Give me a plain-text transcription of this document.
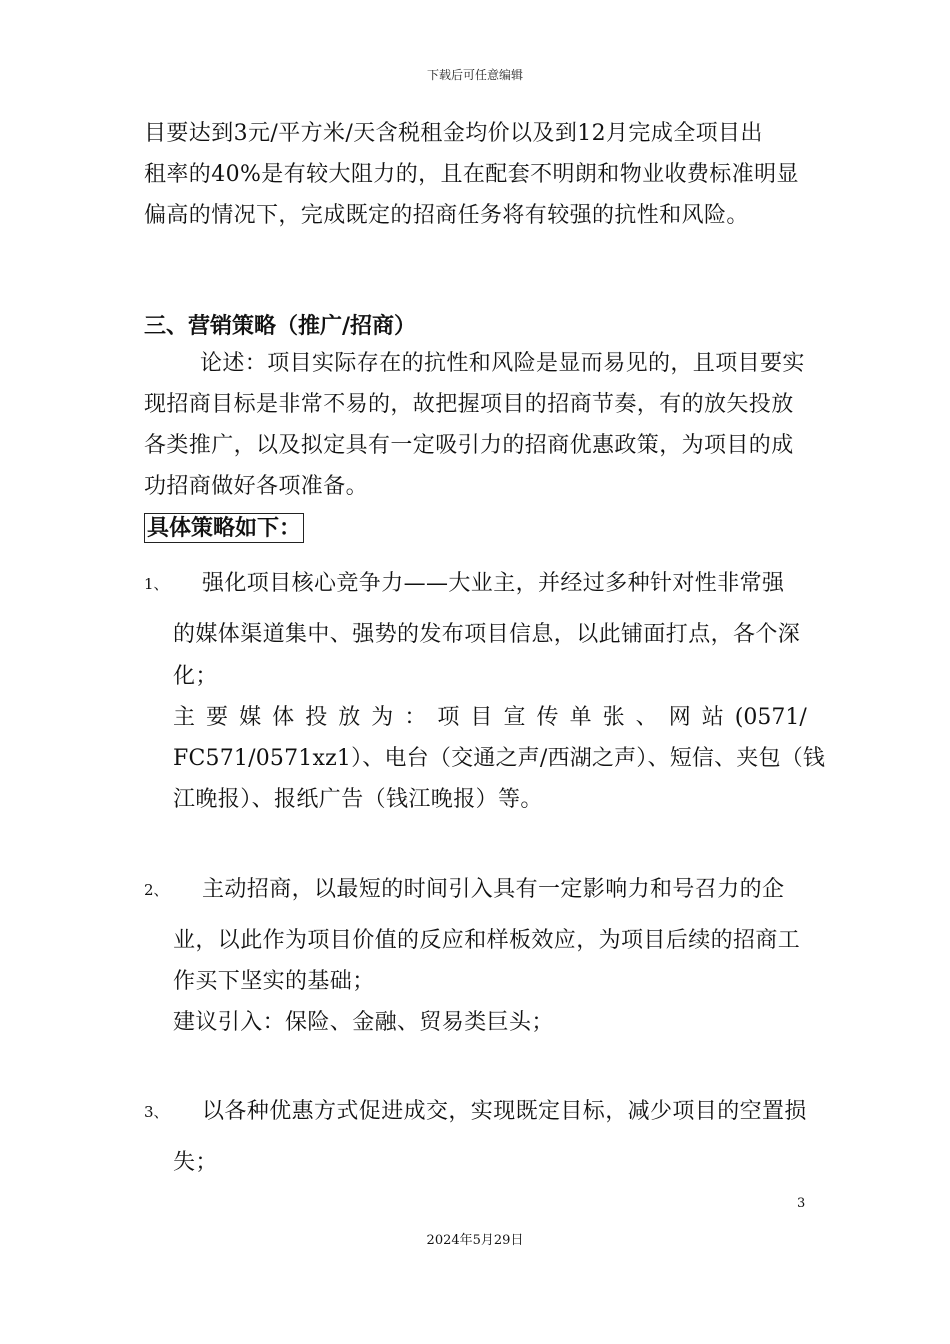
下载后可任意编辑
目要达到3元/平方米/天含税租金均价以及到12月完成全项目出
租率的40%是有较大阻力的，且在配套不明朗和物业收费标准明显
偏高的情况下，完成既定的招商任务将有较强的抗性和风险。
三、营销策略（推广/招商）
论述：项目实际存在的抗性和风险是显而易见的，且项目要实
现招商目标是非常不易的，故把握项目的招商节奏，有的放矢投放
各类推广，以及拟定具有一定吸引力的招商优惠政策，为项目的成
功招商做好各项准备。
具体策略如下：
1、 强化项目核心竞争力——大业主，并经过多种针对性非常强
的媒体渠道集中、强势的发布项目信息，以此铺面打点，各个深
化；
主 要 媒 体 投 放 为 ： 项 目 宣 传 单 张 、 网 站 (0571/
FC571/0571xz1）、电台（交通之声/西湖之声）、短信、夹包（钱
江晚报）、报纸广告（钱江晚报）等。
2、 主动招商，以最短的时间引入具有一定影响力和号召力的企
业，以此作为项目价值的反应和样板效应，为项目后续的招商工
作买下坚实的基础；
建议引入：保险、金融、贸易类巨头；
3、 以各种优惠方式促进成交，实现既定目标，减少项目的空置损
失；
3
2024年5月29日
